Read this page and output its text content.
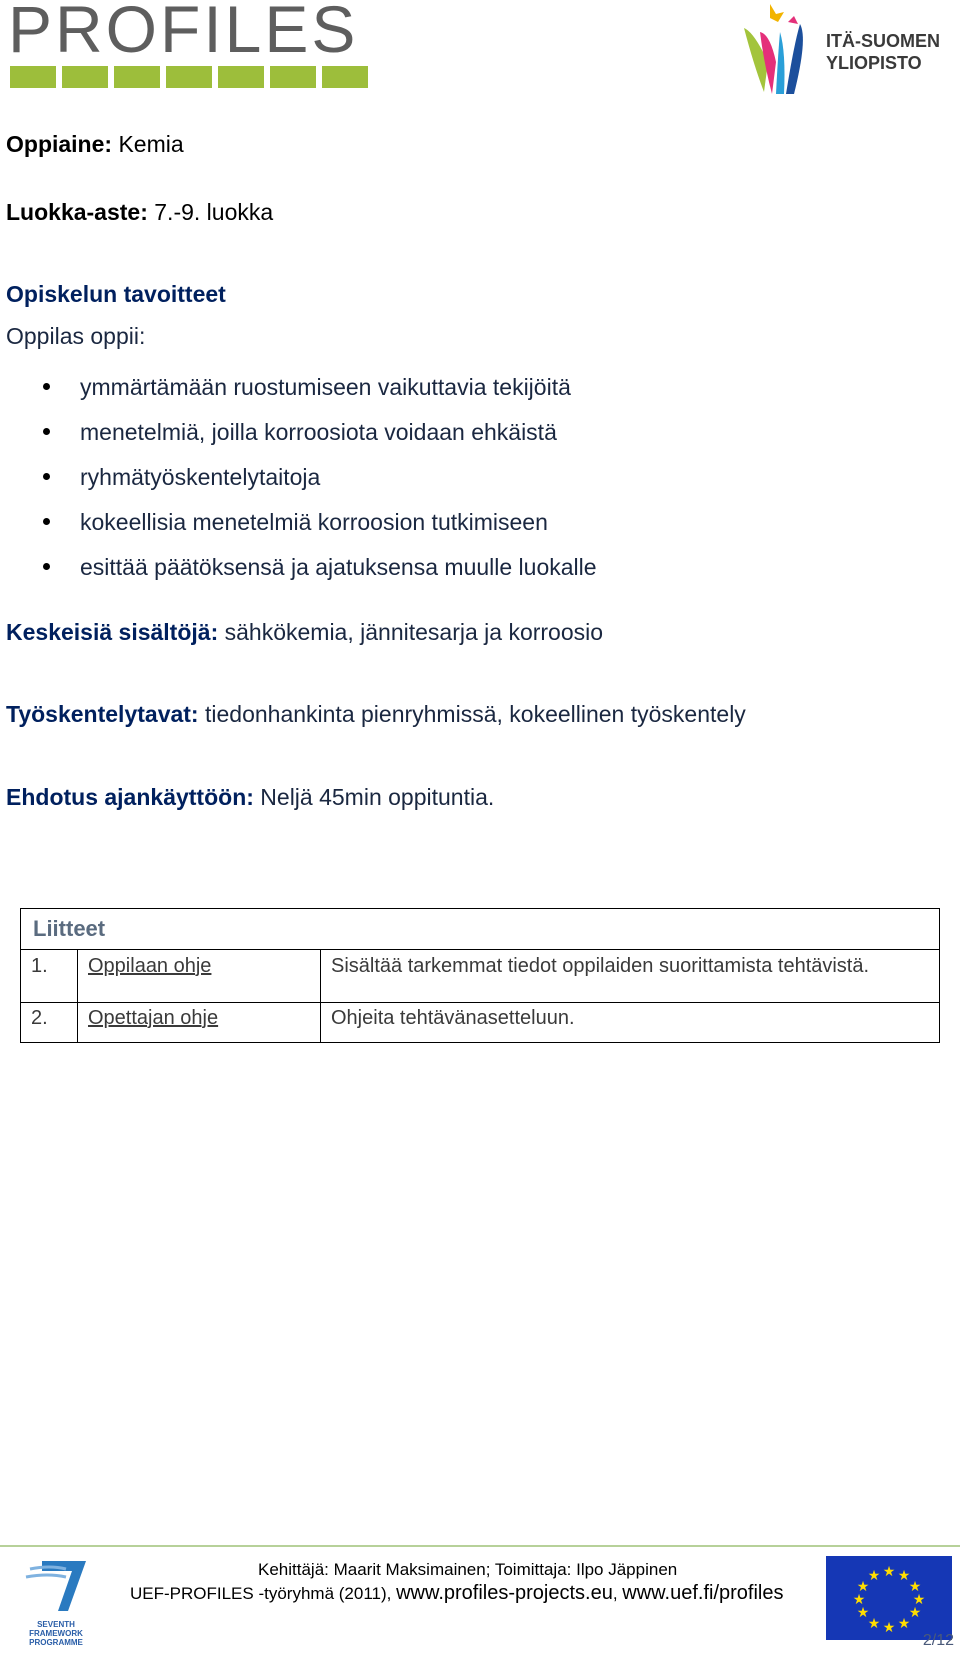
PROFILES	ITÄ-SUOMEN
YLIOPISTO
Oppiaine: Kemia
Luokka-aste: 7.-9. luokka
Opiskelun tavoitteet
Oppilas oppii:
ymmärtämään ruostumiseen vaikuttavia tekijöitä
menetelmiä, joilla korroosiota voidaan ehkäistä
ryhmätyöskentelytaitoja
kokeellisia menetelmiä korroosion tutkimiseen
esittää päätöksensä ja ajatuksensa muulle luokalle
Keskeisiä sisältöjä: sähkökemia, jännitesarja ja korroosio
Työskentelytavat: tiedonhankinta pienryhmissä, kokeellinen työskentely
Ehdotus ajankäyttöön: Neljä 45min oppituntia.
Liitteet		
1.	Oppilaan ohje	Sisältää tarkemmat tiedot oppilaiden suorittamista tehtävistä.
2.	Opettajan ohje	Ohjeita tehtävänasetteluun.
SEVENTH FRAMEWORK
PROGRAMME
Kehittäjä: Maarit Maksimainen; Toimittaja: Ilpo Jäppinen
UEF-PROFILES -työryhmä (2011), www.profiles-projects.eu, www.uef.fi/profiles
★ ★
★
★
★
★
★
★
★
★
★
★
2/12
